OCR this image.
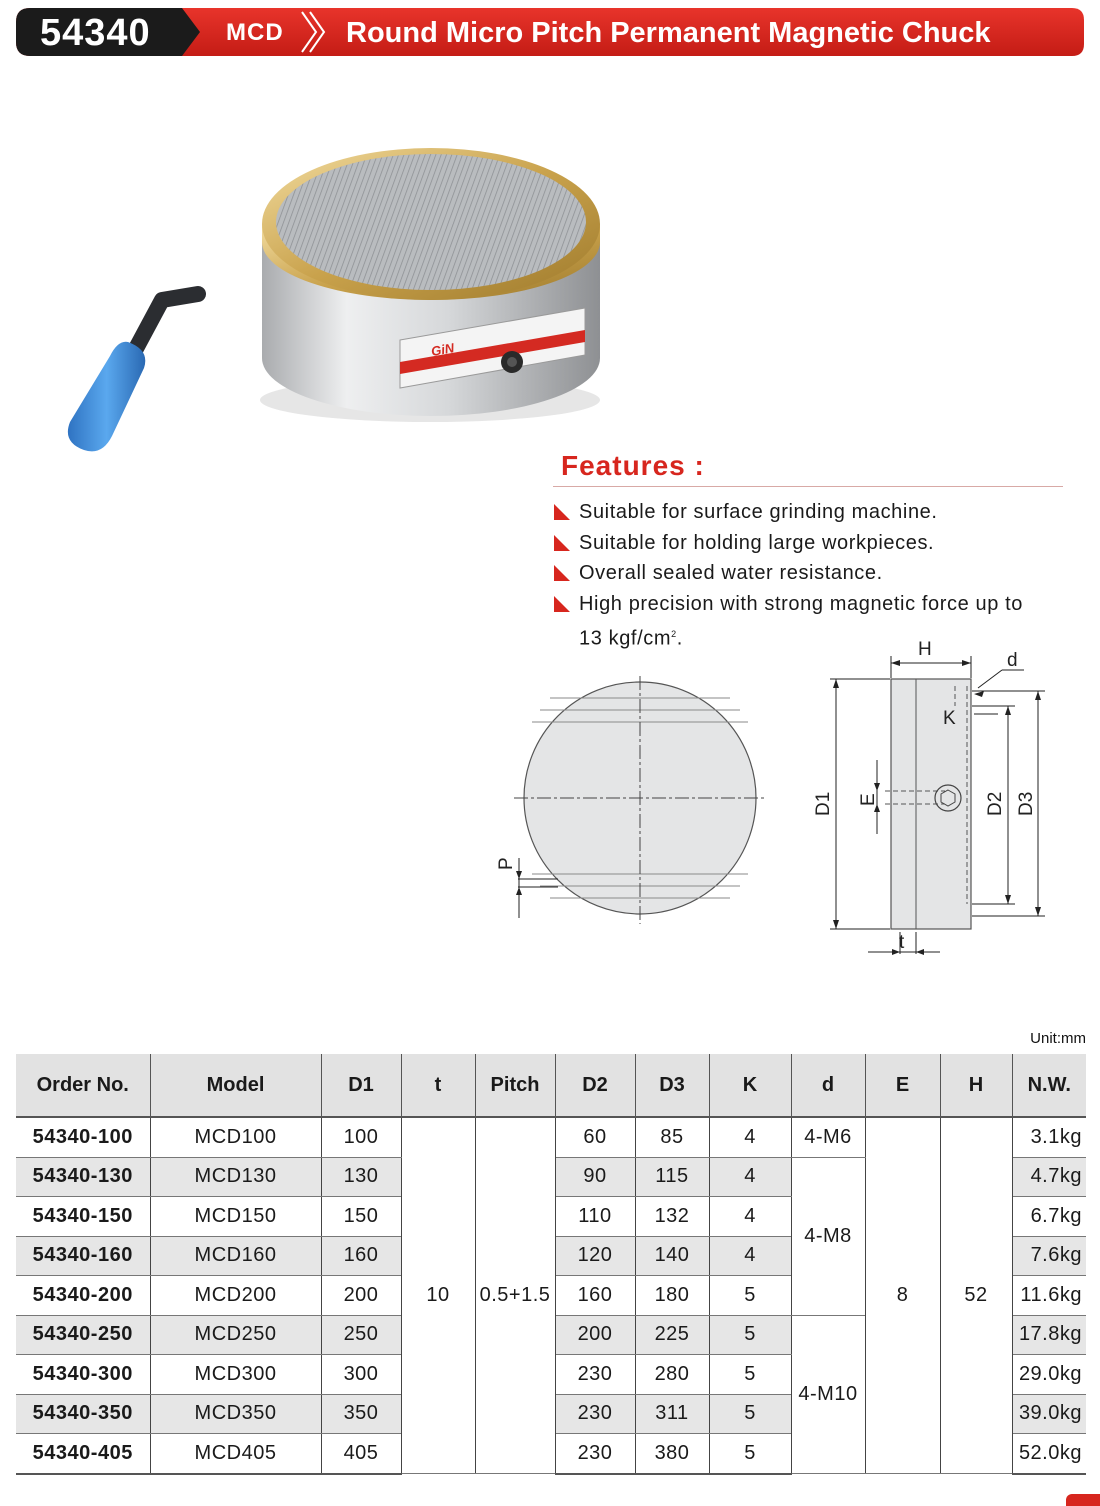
54340	MCD Round Micro Pitch Permanent Magnetic Chuck
GiN
Features :
Suitable for surface grinding machine.
Suitable for holding large workpieces.
Overall sealed water resistance.
High precision with strong magnetic force up to
13 kgf/$cm^2$.
P
H
d
K
D1 E	D2 D3
t
Unit:mm
Order No.	Model	D1	t	Pitch	D2	D3	K	d	E	H	N.W.
54340-100	MCD100	100	10	0.5+1.5	60	85	4	4-M6	8	52	3.1kg
54340-130	MCD130	130			90	115	4	4-M8			4.7kg
54340-150	MCD150	150			110	132	4				6.7kg
54340-160	MCD160	160			120	140	4				7.6kg
54340-200	MCD200	200			160	180	5				11.6kg
54340-250	MCD250	250			200	225	5	4-M10			17.8kg
54340-300	MCD300	300			230	280	5				29.0kg
54340-350	MCD350	350			230	311	5				39.0kg
54340-405	MCD405	405			230	380	5				52.0kg
